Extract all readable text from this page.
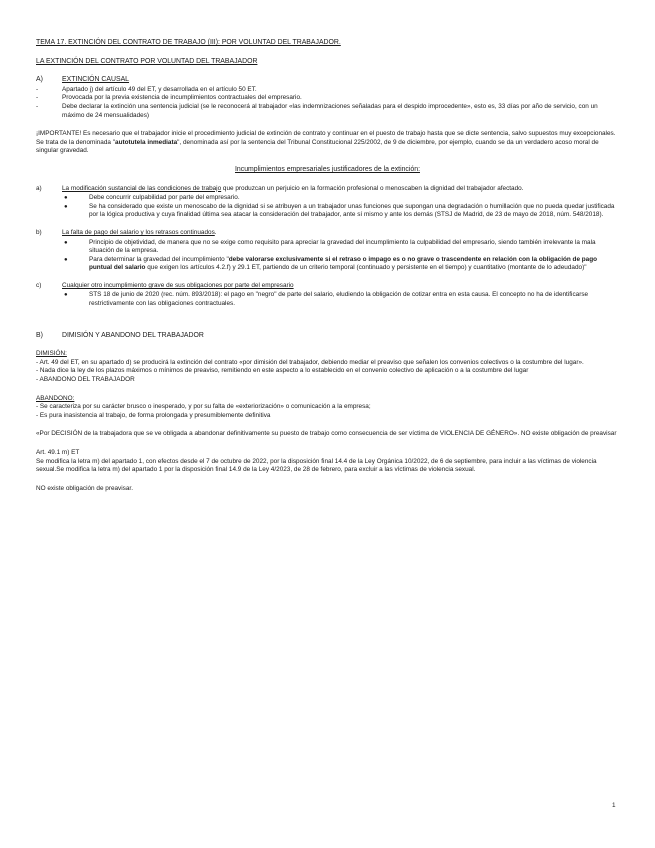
TEMA 17. EXTINCIÓN DEL CONTRATO DE TRABAJO (III): POR VOLUNTAD DEL TRABAJADOR.

LA EXTINCIÓN DEL CONTRATO POR VOLUNTAD DEL TRABAJADOR

A)	EXTINCIÓN CAUSAL
-	Apartado j) del artículo 49 del ET, y desarrollada en el artículo 50 ET.
-	Provocada por la previa existencia de incumplimientos contractuales del empresario.
-	Debe declarar la extinción una sentencia judicial (se le reconocerá al trabajador «las indemnizaciones señaladas para el despido improcedente», esto es, 33 días por año de servicio, con un máximo de 24 mensualidades)

¡IMPORTANTE! Es necesario que el trabajador inicie el procedimiento judicial de extinción de contrato y continuar en el puesto de trabajo hasta que se dicte sentencia, salvo supuestos muy excepcionales. Se trata de la denominada "autotutela inmediata", denominada así por la sentencia del Tribunal Constitucional 225/2002, de 9 de diciembre, por ejemplo, cuando se da un verdadero acoso moral de singular gravedad.

Incumplimientos empresariales justificadores de la extinción:

a)	La modificación sustancial de las condiciones de trabajo que produzcan un perjuicio en la formación profesional o menoscaben la dignidad del trabajador afectado.
●	Debe concurrir culpabilidad por parte del empresario.
●	Se ha considerado que existe un menoscabo de la dignidad si se atribuyen a un trabajador unas funciones que supongan una degradación o humillación que no pueda quedar justificada por la lógica productiva y cuya finalidad última sea atacar la consideración del trabajador, ante sí mismo y ante los demás (STSJ de Madrid, de 23 de mayo de 2018, núm. 548/2018).
b)	La falta de pago del salario y los retrasos continuados.
●	Principio de objetividad, de manera que no se exige como requisito para apreciar la gravedad del incumplimiento la culpabilidad del empresario, siendo también irrelevante la mala situación de la empresa.
●	Para determinar la gravedad del incumplimiento "debe valorarse exclusivamente si el retraso o impago es o no grave o trascendente en relación con la obligación de pago puntual del salario que exigen los artículos 4.2.f) y 29.1 ET, partiendo de un criterio temporal (continuado y persistente en el tiempo) y cuantitativo (montante de lo adeudado)"
c)	Cualquier otro incumplimiento grave de sus obligaciones por parte del empresario
●	STS 18 de junio de 2020 (rec. núm. 893/2018): el pago en "negro" de parte del salario, eludiendo la obligación de cotizar entra en esta causa. El concepto no ha de identificarse restrictivamente con las obligaciones contractuales.
B)	DIMISIÓN Y ABANDONO DEL TRABAJADOR

DIMISIÓN:

- Art. 49 del ET, en su apartado d) se producirá la extinción del contrato «por dimisión del trabajador, debiendo mediar el preaviso que señalen los convenios colectivos o la costumbre del lugar».

- Nada dice la ley de los plazos máximos o mínimos de preaviso, remitiendo en este aspecto a lo establecido en el convenio colectivo de aplicación o a la costumbre del lugar

- ABANDONO DEL TRABAJADOR

ABANDONO:

- Se caracteriza por su carácter brusco o inesperado, y por su falta de «exteriorización» o comunicación a la empresa;

- Es pura inasistencia al trabajo, de forma prolongada y presumiblemente definitiva

«Por DECISIÓN de la trabajadora que se ve obligada a abandonar definitivamente su puesto de trabajo como consecuencia de ser víctima de VIOLENCIA DE GÉNERO». NO existe obligación de preavisar

Art. 49.1 m) ET

Se modifica la letra m) del apartado 1, con efectos desde el 7 de octubre de 2022, por la disposición final 14.4 de la Ley Orgánica 10/2022, de 6 de septiembre, para incluir a las víctimas de violencia sexual.Se modifica la letra m) del apartado 1 por la disposición final 14.9 de la Ley 4/2023, de 28 de febrero, para excluir a las víctimas de violencia sexual.

NO existe obligación de preavisar.

1
